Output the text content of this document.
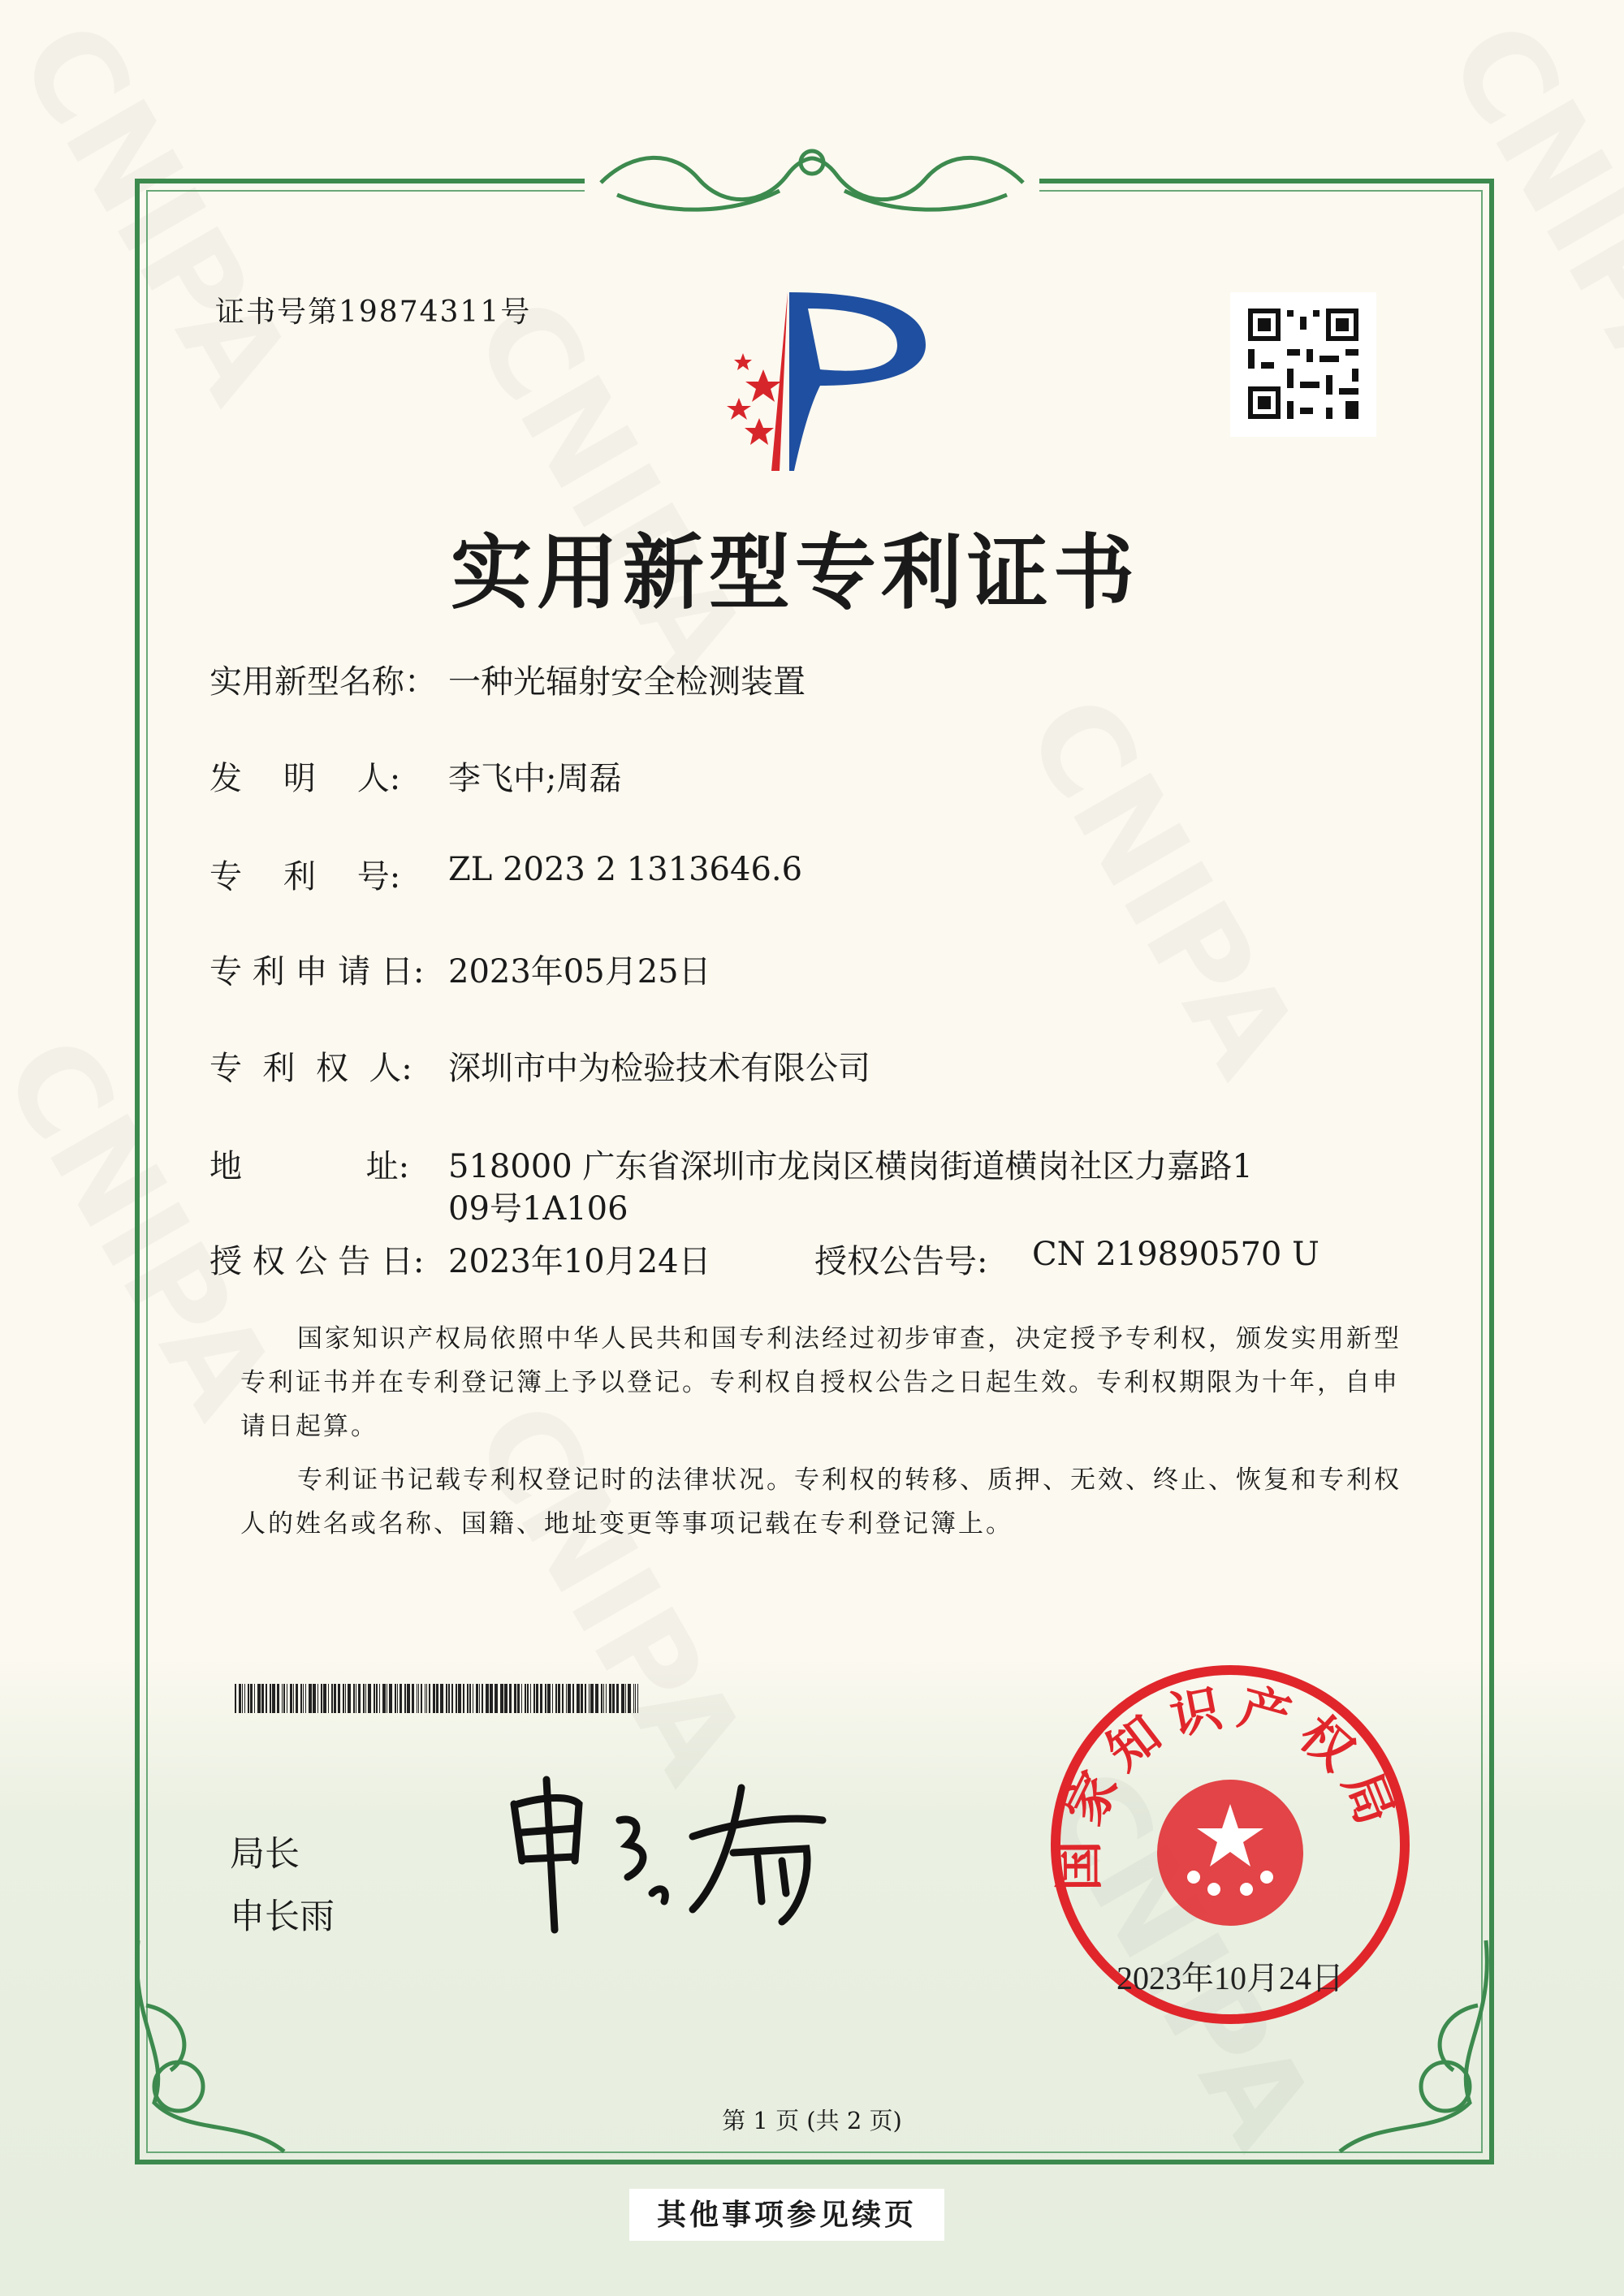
证书号第19874311号
实用新型专利证书
实用新型名称： 一种光辐射安全检测装置
发    明    人: 李飞中;周磊
专    利    号: ZL 2023 2 1313646.6
专 利 申 请 日: 2023年05月25日
专  利  权  人: 深圳市中为检验技术有限公司
地            址: 518000 广东省深圳市龙岗区横岗街道横岗社区力嘉路1
09号1A106
授 权 公 告 日: 2023年10月24日	授权公告号: CN 219890570 U

国家知识产权局依照中华人民共和国专利法经过初步审查，决定授予专利权，颁发实用新型专利证书并在专利登记簿上予以登记。专利权自授权公告之日起生效。专利权期限为十年，自申请日起算。

专利证书记载专利权登记时的法律状况。专利权的转移、质押、无效、终止、恢复和专利权人的姓名或名称、国籍、地址变更等事项记载在专利登记簿上。

局长
申长雨
国家知识产权局
2023年10月24日
第 1 页 (共 2 页)
其他事项参见续页
